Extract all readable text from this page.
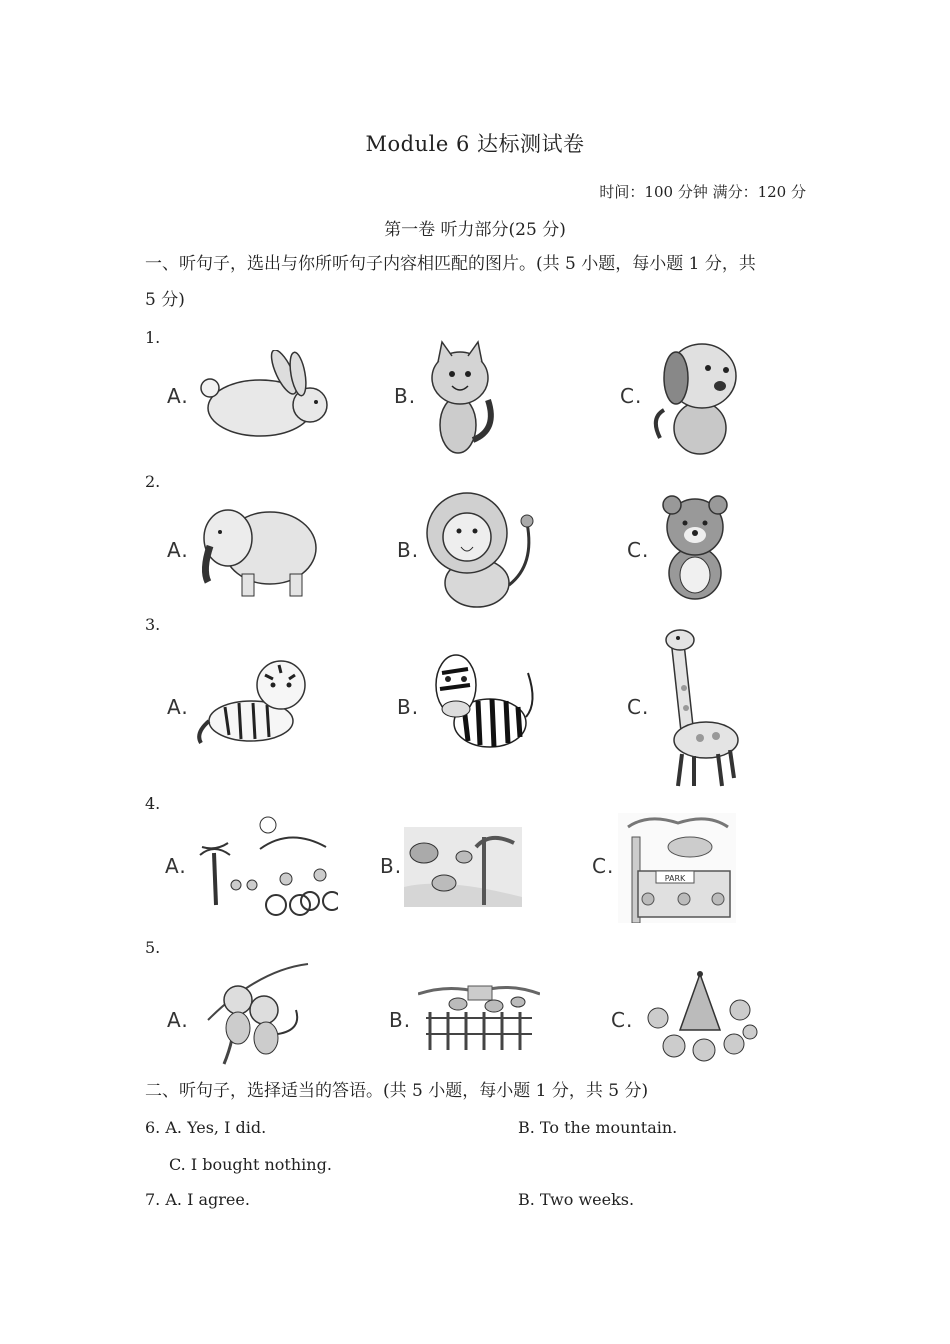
Module 6 达标测试卷
时间：100 分钟 满分：120 分
第一卷 听力部分(25 分)
一、听句子，选出与你所听句子内容相匹配的图片。(共 5 小题，每小题 1 分，共
5 分)
1.
A.	B.	C.
2.
A.	B.	C.
3.
A.	B.	C.
4.
A.	B.	C.
PARK
5.
A.	B.	C.
二、听句子，选择适当的答语。(共 5 小题，每小题 1 分，共 5 分)
6. A. Yes, I did.	B. To the mountain.
C. I bought nothing.
7. A. I agree.	B. Two weeks.
